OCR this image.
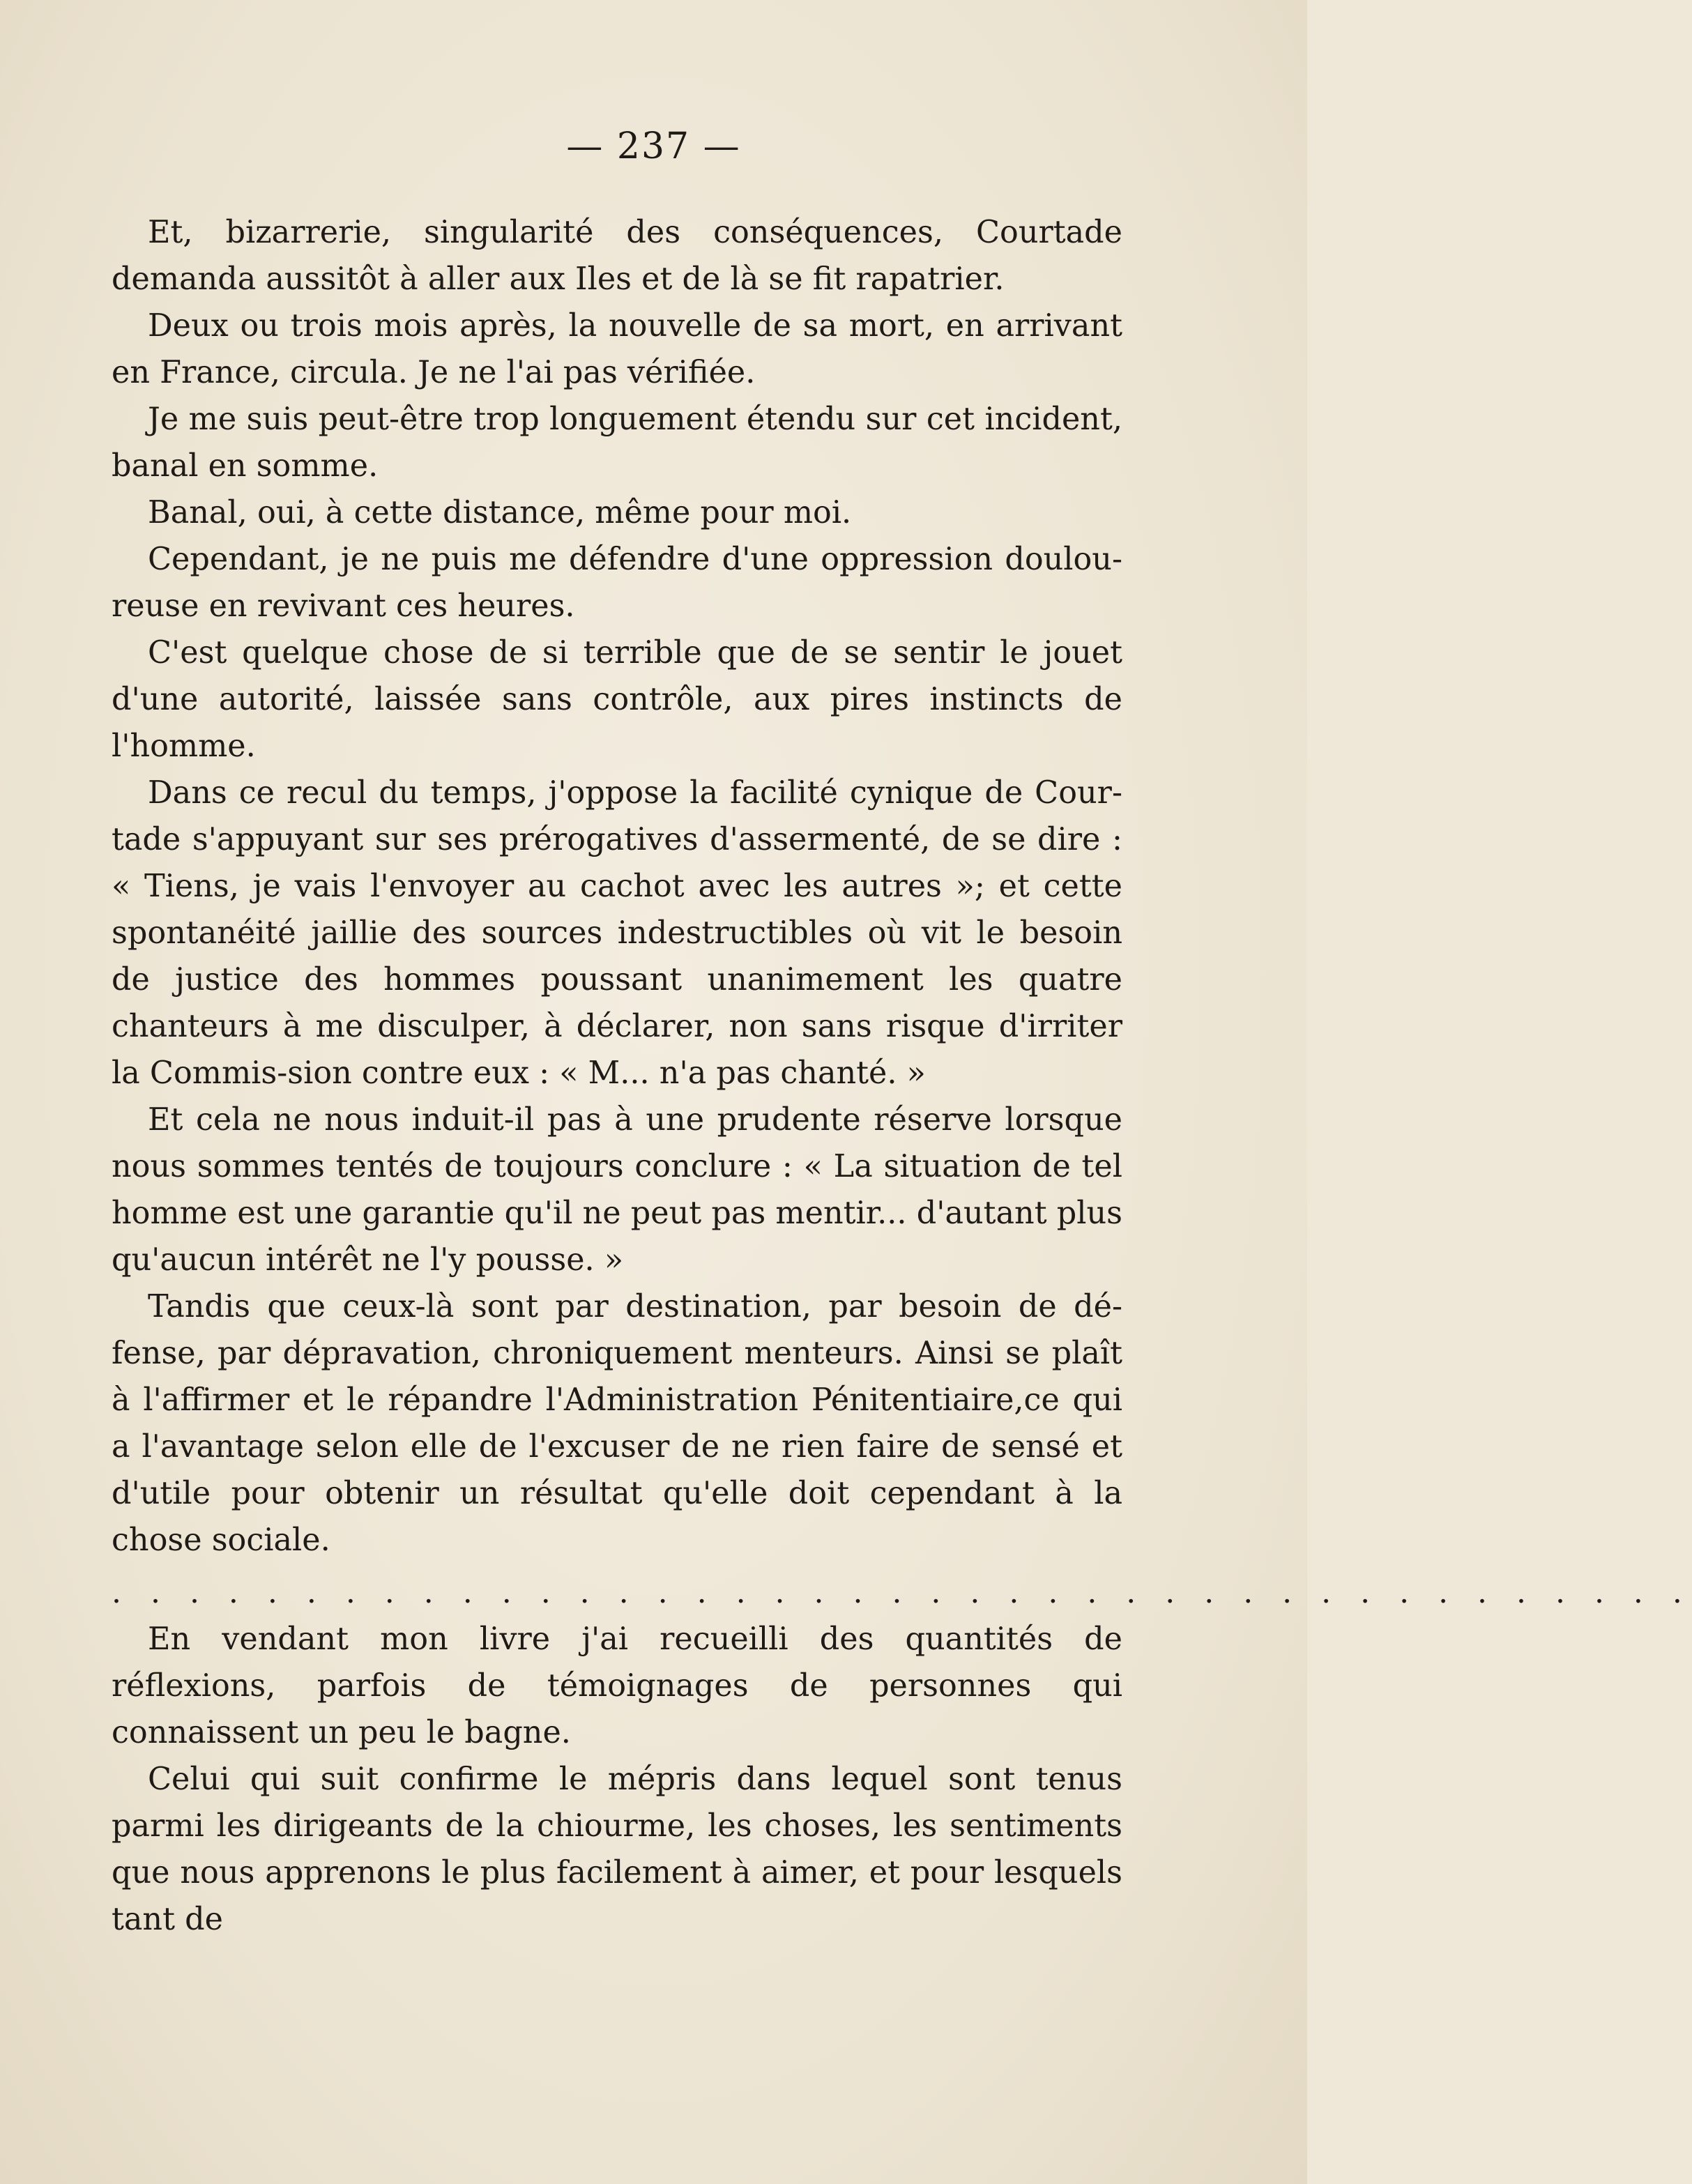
— 237 —

Et, bizarrerie, singularité des conséquences, Courtade demanda aussitôt à aller aux Iles et de là se fit rapatrier.

Deux ou trois mois après, la nouvelle de sa mort, en arrivant en France, circula. Je ne l'ai pas vérifiée.

Je me suis peut-être trop longuement étendu sur cet incident, banal en somme.

Banal, oui, à cette distance, même pour moi.

Cependant, je ne puis me défendre d'une oppression doulou-reuse en revivant ces heures.

C'est quelque chose de si terrible que de se sentir le jouet d'une autorité, laissée sans contrôle, aux pires instincts de l'homme.

Dans ce recul du temps, j'oppose la facilité cynique de Cour-tade s'appuyant sur ses prérogatives d'assermenté, de se dire : « Tiens, je vais l'envoyer au cachot avec les autres »; et cette spontanéité jaillie des sources indestructibles où vit le besoin de justice des hommes poussant unanimement les quatre chanteurs à me disculper, à déclarer, non sans risque d'irriter la Commis-sion contre eux : « M... n'a pas chanté. »

Et cela ne nous induit-il pas à une prudente réserve lorsque nous sommes tentés de toujours conclure : « La situation de tel homme est une garantie qu'il ne peut pas mentir... d'autant plus qu'aucun intérêt ne l'y pousse. »

Tandis que ceux-là sont par destination, par besoin de dé-fense, par dépravation, chroniquement menteurs. Ainsi se plaît à l'affirmer et le répandre l'Administration Pénitentiaire,ce qui a l'avantage selon elle de l'excuser de ne rien faire de sensé et d'utile pour obtenir un résultat qu'elle doit cependant à la chose sociale.

. . . . . . . . . . . . . . . . . . . . . . . . . . . . . . . . . . . . . . . . .

En vendant mon livre j'ai recueilli des quantités de réflexions, parfois de témoignages de personnes qui connaissent un peu le bagne.

Celui qui suit confirme le mépris dans lequel sont tenus parmi les dirigeants de la chiourme, les choses, les sentiments que nous apprenons le plus facilement à aimer, et pour lesquels tant de
